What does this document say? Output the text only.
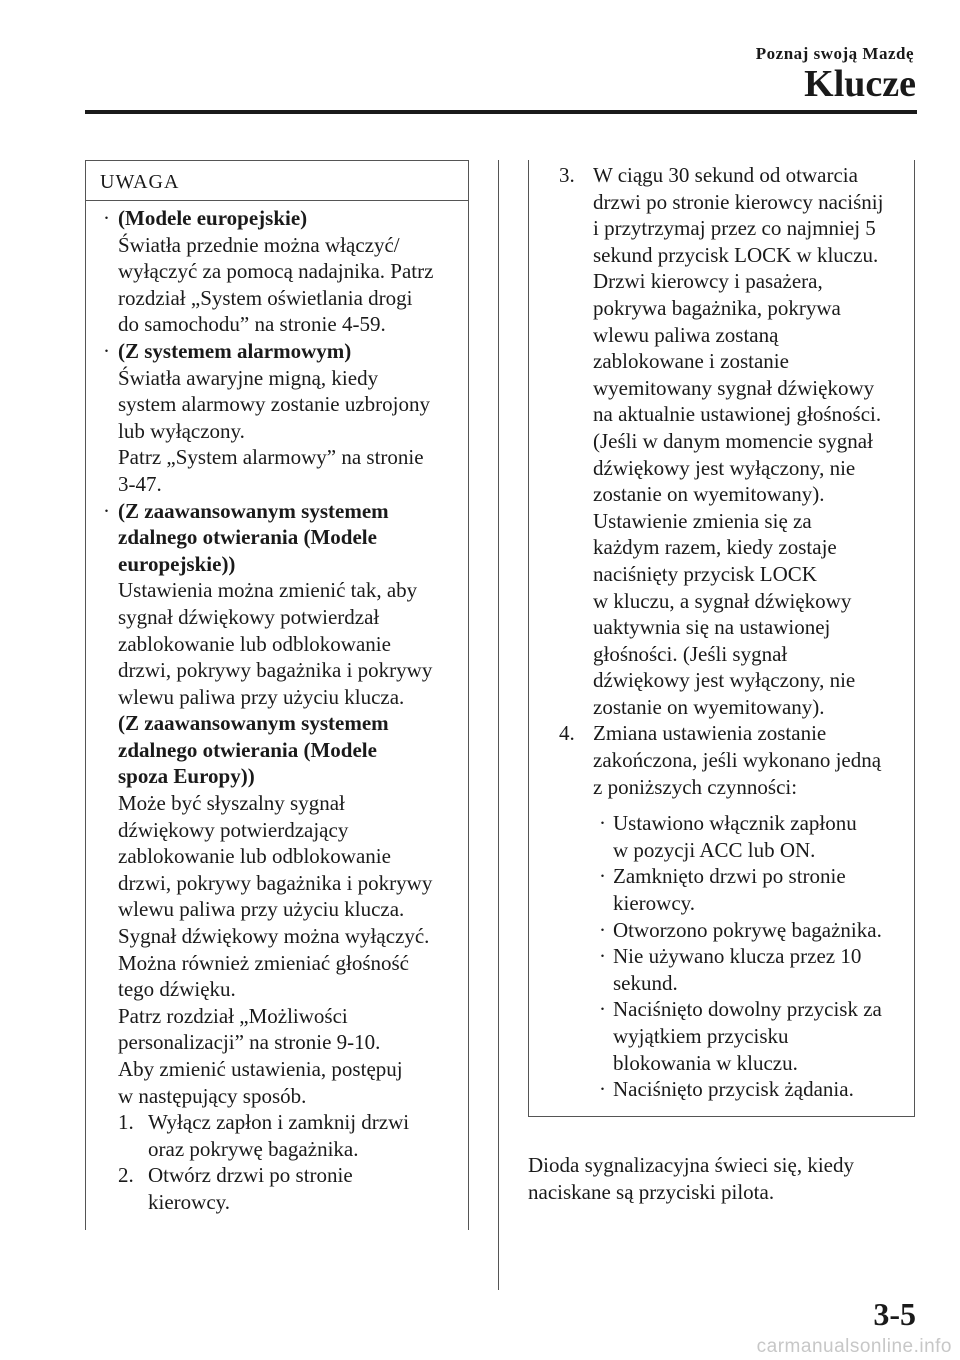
Poznaj swoją Mazdę
Klucze
UWAGA
· (Modele europejskie)
Światła przednie można włączyć/
wyłączyć za pomocą nadajnika. Patrz
rozdział „System oświetlania drogi
do samochodu” na stronie 4-59.
· (Z systemem alarmowym)
Światła awaryjne migną, kiedy
system alarmowy zostanie uzbrojony
lub wyłączony.
Patrz „System alarmowy” na stronie
3-47.
· (Z zaawansowanym systemem
zdalnego otwierania (Modele
europejskie))
Ustawienia można zmienić tak, aby
sygnał dźwiękowy potwierdzał
zablokowanie lub odblokowanie
drzwi, pokrywy bagażnika i pokrywy
wlewu paliwa przy użyciu klucza.
(Z zaawansowanym systemem
zdalnego otwierania (Modele
spoza Europy))
Może być słyszalny sygnał
dźwiękowy potwierdzający
zablokowanie lub odblokowanie
drzwi, pokrywy bagażnika i pokrywy
wlewu paliwa przy użyciu klucza.
Sygnał dźwiękowy można wyłączyć.
Można również zmieniać głośność
tego dźwięku.
Patrz rozdział „Możliwości
personalizacji” na stronie 9-10.
Aby zmienić ustawienia, postępuj
w następujący sposób.
1. Wyłącz zapłon i zamknij drzwi
oraz pokrywę bagażnika.
2. Otwórz drzwi po stronie
kierowcy.
3. W ciągu 30 sekund od otwarcia
drzwi po stronie kierowcy naciśnij
i przytrzymaj przez co najmniej 5
sekund przycisk LOCK w kluczu.
Drzwi kierowcy i pasażera,
pokrywa bagażnika, pokrywa
wlewu paliwa zostaną
zablokowane i zostanie
wyemitowany sygnał dźwiękowy
na aktualnie ustawionej głośności.
(Jeśli w danym momencie sygnał
dźwiękowy jest wyłączony, nie
zostanie on wyemitowany).
Ustawienie zmienia się za
każdym razem, kiedy zostaje
naciśnięty przycisk LOCK
w kluczu, a sygnał dźwiękowy
uaktywnia się na ustawionej
głośności. (Jeśli sygnał
dźwiękowy jest wyłączony, nie
zostanie on wyemitowany).
4. Zmiana ustawienia zostanie
zakończona, jeśli wykonano jedną
z poniższych czynności:
· Ustawiono włącznik zapłonu
w pozycji ACC lub ON.
· Zamknięto drzwi po stronie
kierowcy.
· Otworzono pokrywę bagażnika.
· Nie używano klucza przez 10
sekund.
· Naciśnięto dowolny przycisk za
wyjątkiem przycisku
blokowania w kluczu.
· Naciśnięto przycisk żądania.
Dioda sygnalizacyjna świeci się, kiedy
naciskane są przyciski pilota.
3-5
carmanualsonline.info
